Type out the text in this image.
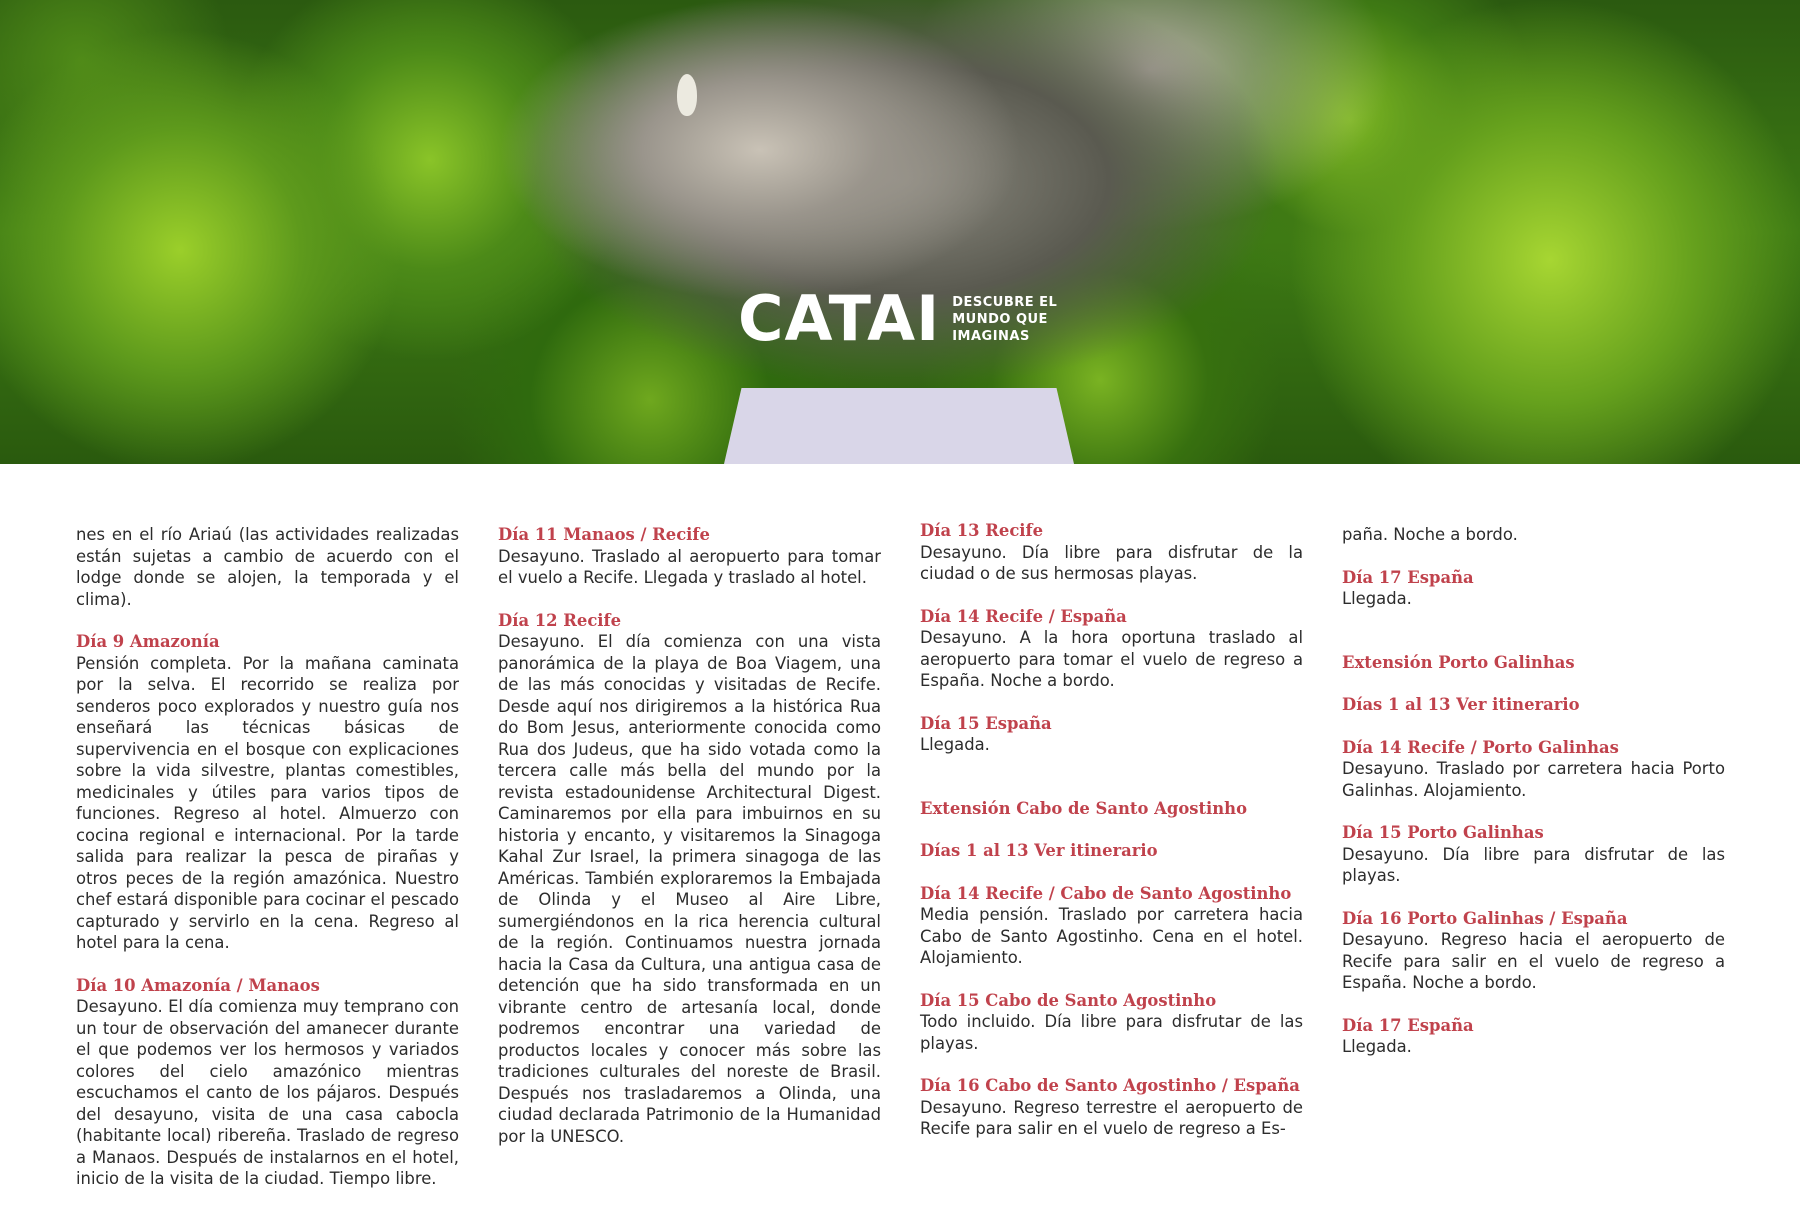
CATAI DESCUBRE EL
MUNDO QUE
IMAGINAS

nes en el río Ariaú (las actividades realizadas están sujetas a cambio de acuerdo con el lodge donde se alojen, la temporada y el clima).

Día 9 Amazonía

Pensión completa. Por la mañana caminata por la selva. El recorrido se realiza por senderos poco explorados y nuestro guía nos enseñará las técnicas básicas de supervivencia en el bosque con explicaciones sobre la vida silvestre, plantas comestibles, medicinales y útiles para varios tipos de funciones. Regreso al hotel. Almuerzo con cocina regional e internacional. Por la tarde salida para realizar la pesca de pirañas y otros peces de la región amazónica. Nuestro chef estará disponible para cocinar el pescado capturado y servirlo en la cena. Regreso al hotel para la cena.

Día 10 Amazonía / Manaos

Desayuno. El día comienza muy temprano con un tour de observación del amanecer durante el que podemos ver los hermosos y variados colores del cielo amazónico mientras escuchamos el canto de los pájaros. Después del desayuno, visita de una casa cabocla (habitante local) ribereña. Traslado de regreso a Manaos. Después de instalarnos en el hotel, inicio de la visita de la ciudad. Tiempo libre.

Día 11 Manaos / Recife

Desayuno. Traslado al aeropuerto para tomar el vuelo a Recife. Llegada y traslado al hotel.

Día 12 Recife

Desayuno. El día comienza con una vista panorámica de la playa de Boa Viagem, una de las más conocidas y visitadas de Recife. Desde aquí nos dirigiremos a la histórica Rua do Bom Jesus, anteriormente conocida como Rua dos Judeus, que ha sido votada como la tercera calle más bella del mundo por la revista estadounidense Architectural Digest. Caminaremos por ella para imbuirnos en su historia y encanto, y visitaremos la Sinagoga Kahal Zur Israel, la primera sinagoga de las Américas. También exploraremos la Embajada de Olinda y el Museo al Aire Libre, sumergiéndonos en la rica herencia cultural de la región. Continuamos nuestra jornada hacia la Casa da Cultura, una antigua casa de detención que ha sido transformada en un vibrante centro de artesanía local, donde podremos encontrar una variedad de productos locales y conocer más sobre las tradiciones culturales del noreste de Brasil. Después nos trasladaremos a Olinda, una ciudad declarada Patrimonio de la Humanidad por la UNESCO.

Día 13 Recife

Desayuno. Día libre para disfrutar de la ciudad o de sus hermosas playas.

Día 14 Recife / España

Desayuno. A la hora oportuna traslado al aeropuerto para tomar el vuelo de regreso a España. Noche a bordo.

Día 15 España

Llegada.

Extensión Cabo de Santo Agostinho

Días 1 al 13 Ver itinerario

Día 14 Recife / Cabo de Santo Agostinho

Media pensión. Traslado por carretera hacia Cabo de Santo Agostinho. Cena en el hotel. Alojamiento.

Día 15 Cabo de Santo Agostinho

Todo incluido. Día libre para disfrutar de las playas.

Día 16 Cabo de Santo Agostinho / España

Desayuno. Regreso terrestre el aeropuerto de Recife para salir en el vuelo de regreso a Es-

paña. Noche a bordo.

Día 17 España

Llegada.

Extensión Porto Galinhas

Días 1 al 13 Ver itinerario

Día 14 Recife / Porto Galinhas

Desayuno. Traslado por carretera hacia Porto Galinhas. Alojamiento.

Día 15 Porto Galinhas

Desayuno. Día libre para disfrutar de las playas.

Día 16 Porto Galinhas / España

Desayuno. Regreso hacia el aeropuerto de Recife para salir en el vuelo de regreso a España. Noche a bordo.

Día 17 España

Llegada.
